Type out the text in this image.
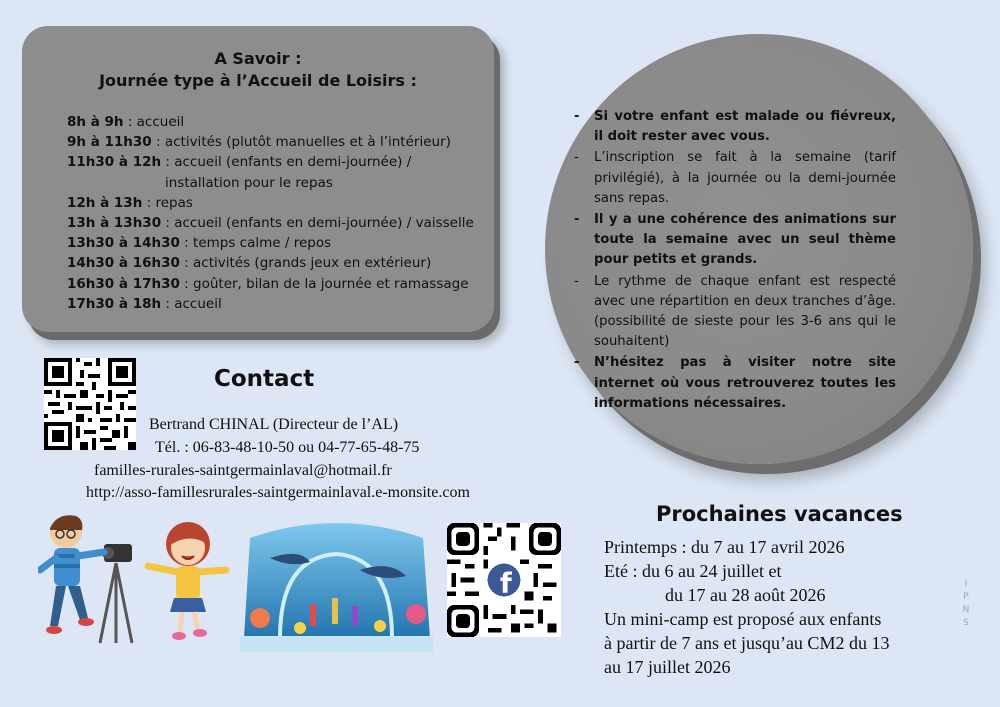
A Savoir :
Journée type à l’Accueil de Loisirs :
8h à 9h : accueil
9h à 11h30 : activités (plutôt manuelles et à l’intérieur)
11h30 à 12h : accueil (enfants en demi-journée) /
installation pour le repas
12h à 13h : repas
13h à 13h30 : accueil (enfants en demi-journée) / vaisselle
13h30 à 14h30 : temps calme / repos
14h30 à 16h30 : activités (grands jeux en extérieur)
16h30 à 17h30 : goûter, bilan de la journée et ramassage
17h30 à 18h : accueil
- Si votre enfant est malade ou fiévreux, il doit rester avec vous.
- L’inscription se fait à la semaine (tarif privilégié), à la journée ou la demi-journée sans repas.
- Il y a une cohérence des animations sur toute la semaine avec un seul thème pour petits et grands.
- Le rythme de chaque enfant est respecté avec une répartition en deux tranches d’âge. (possibilité de sieste pour les 3-6 ans qui le souhaitent)
- N’hésitez pas à visiter notre site internet où vous retrouverez toutes les informations nécessaires.
Contact
Bertrand CHINAL (Directeur de l’AL)
Tél. : 06-83-48-10-50 ou 04-77-65-48-75
familles-rurales-saintgermainlaval@hotmail.fr
http://asso-famillesrurales-saintgermainlaval.e-monsite.com
f
Prochaines vacances
Printemps : du 7 au 17 avril 2026
Eté : du 6 au 24 juillet et
du 17 au 28 août 2026
Un mini-camp est proposé aux enfants
à partir de 7 ans et jusqu’au CM2 du 13
au 17 juillet 2026
I
P
N
S
